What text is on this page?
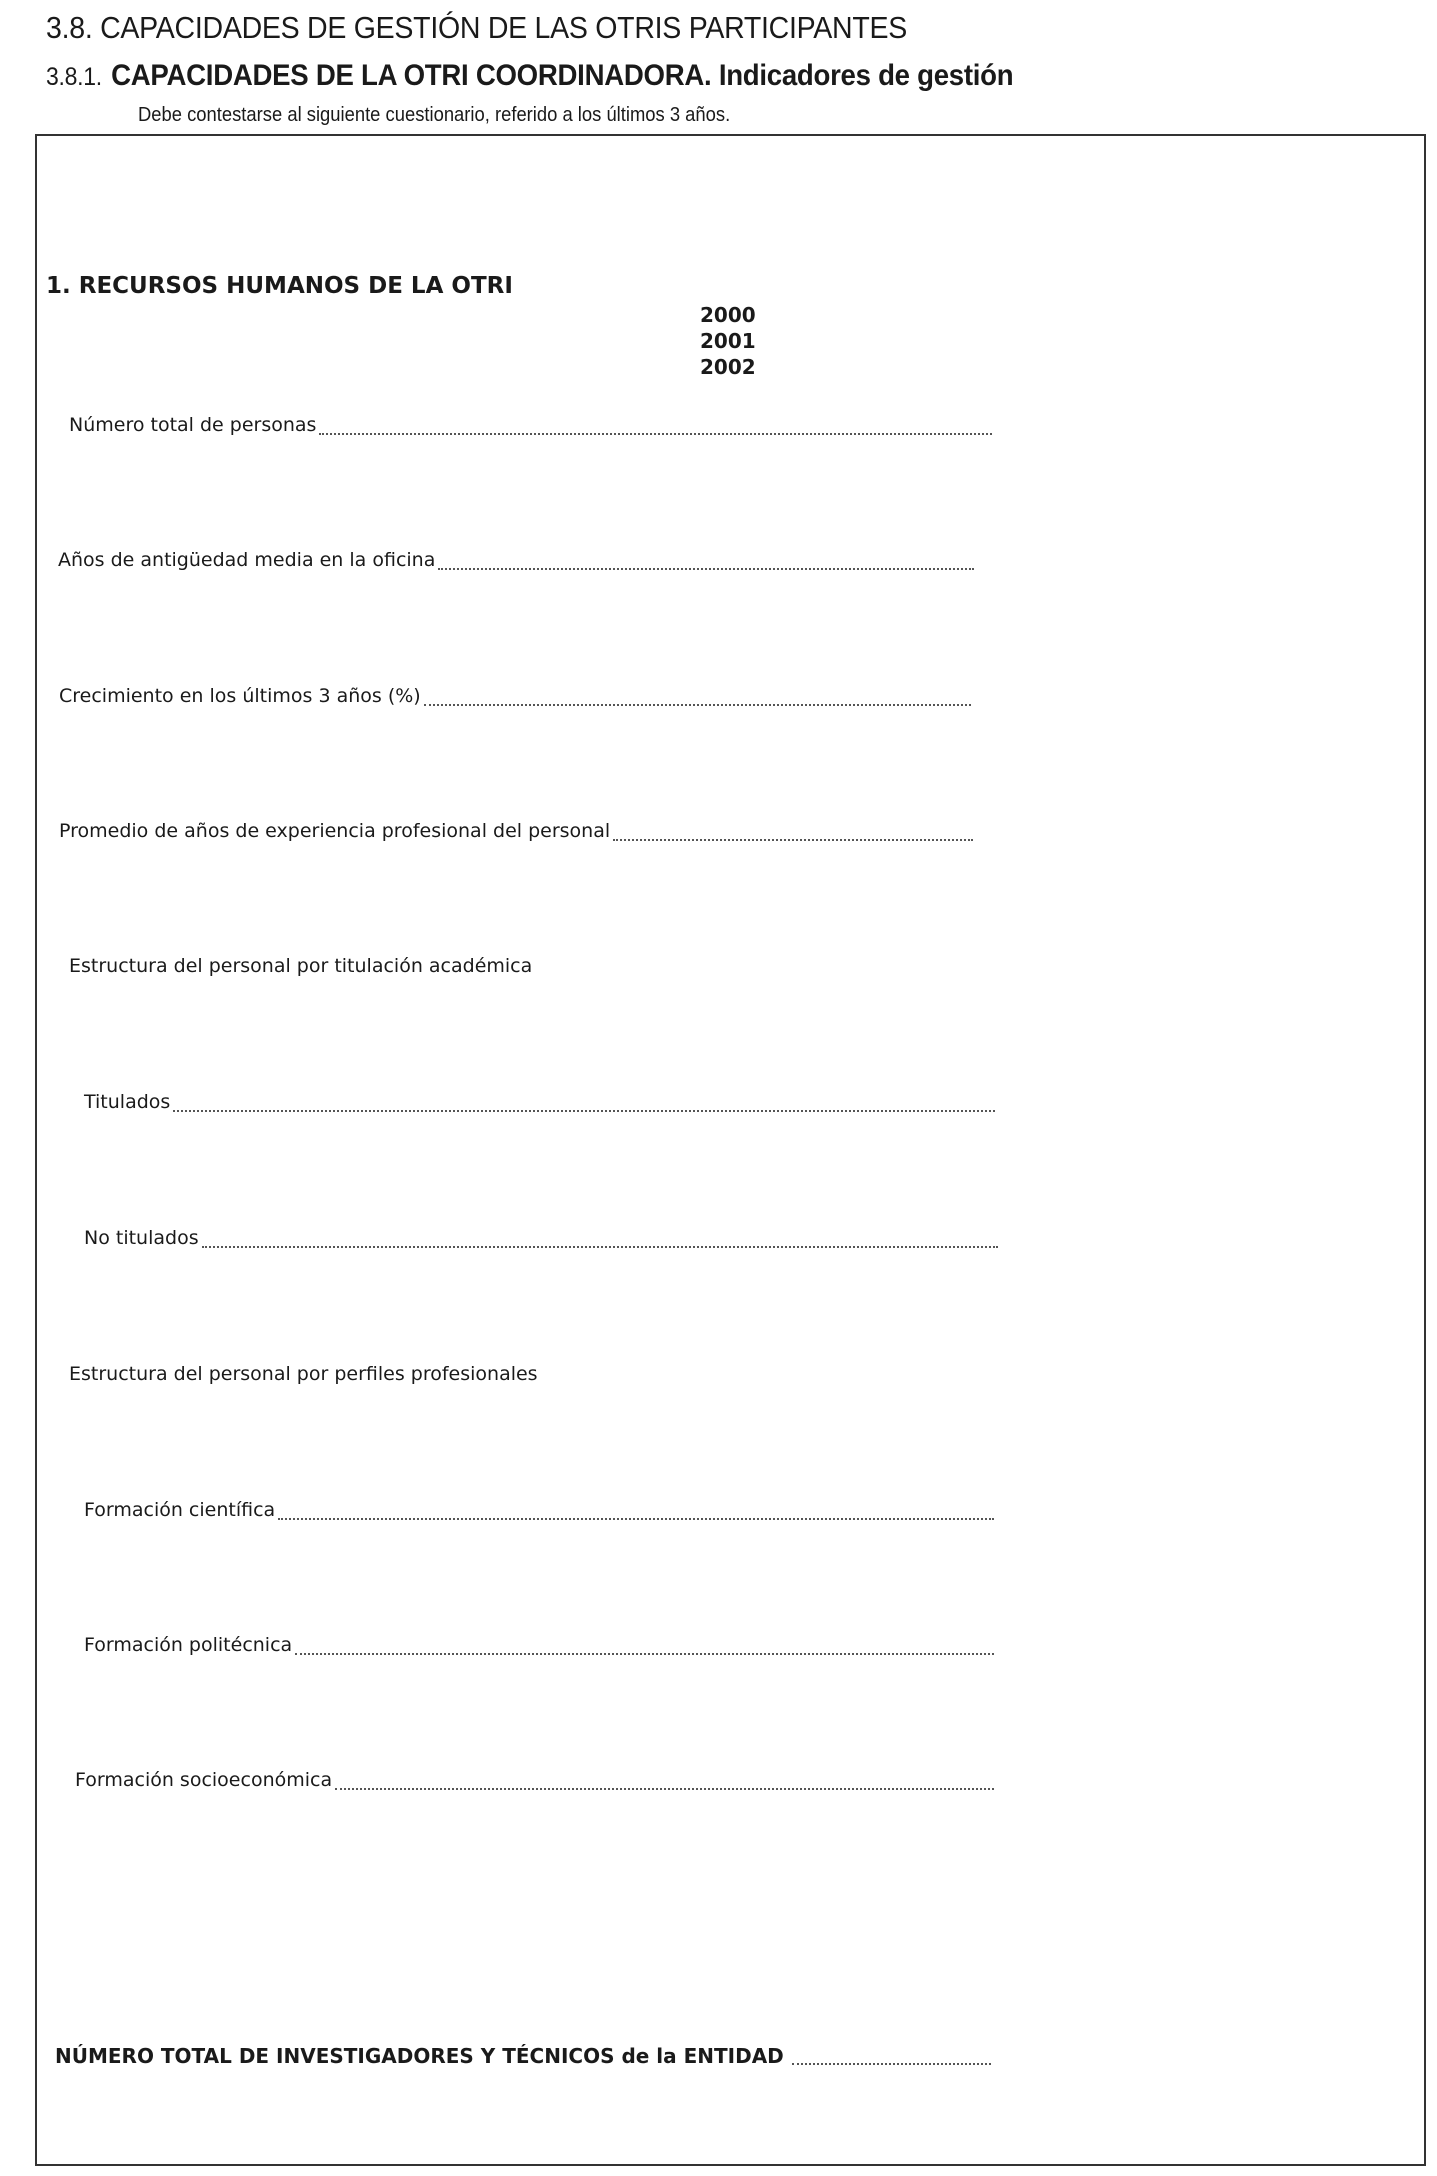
3.8. CAPACIDADES DE GESTIÓN DE LAS OTRIS PARTICIPANTES
3.8.1. CAPACIDADES DE LA OTRI COORDINADORA. Indicadores de gestión
Debe contestarse al siguiente cuestionario, referido a los últimos 3 años.
1. RECURSOS HUMANOS DE LA OTRI
2000
2001
2002
Número total de personas
Años de antigüedad media en la oficina
Crecimiento en los últimos 3 años (%)
Promedio de años de experiencia profesional del personal
Estructura del personal por titulación académica
Titulados
No titulados
Estructura del personal por perfiles profesionales
Formación científica
Formación politécnica
Formación socioeconómica
NÚMERO TOTAL DE INVESTIGADORES Y TÉCNICOS de la ENTIDAD
